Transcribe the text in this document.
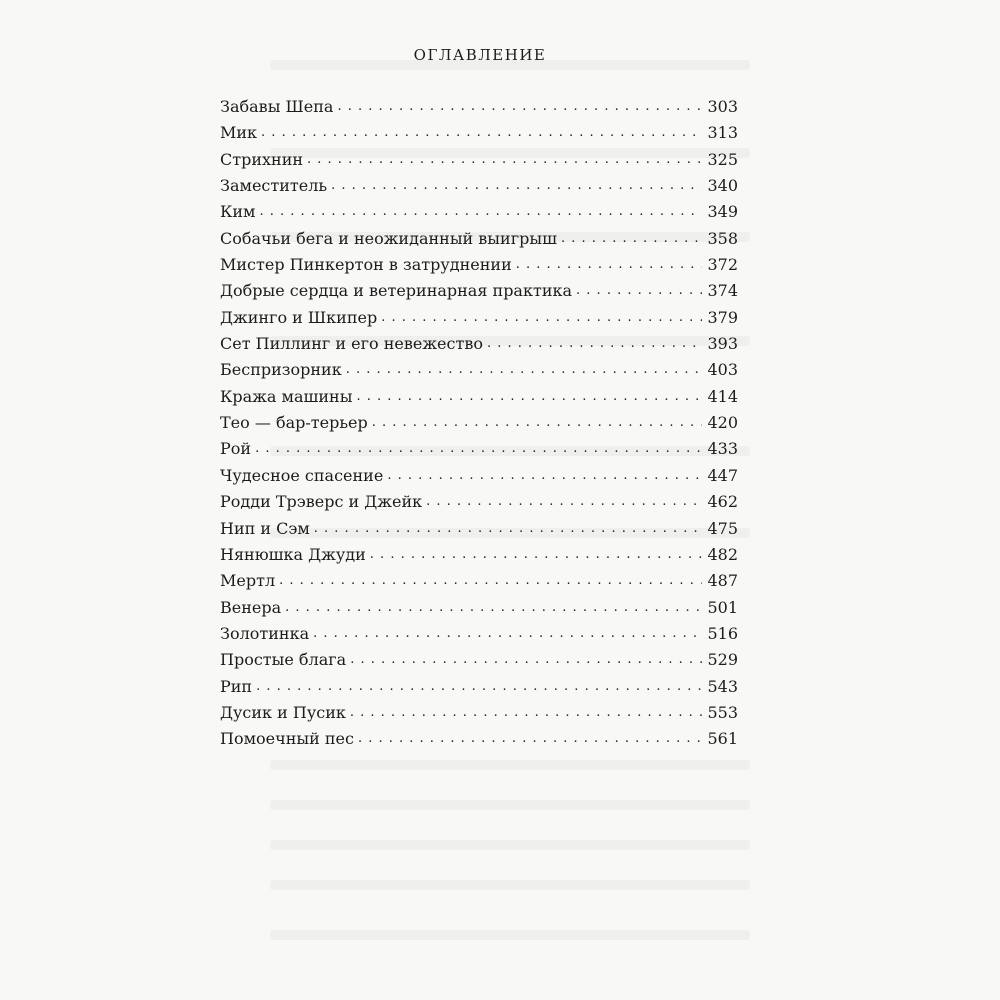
ОГЛАВЛЕНИЕ
Забавы Шепа . . .	303
Мик . . .	313
Стрихнин . . .	325
Заместитель . . .	340
Ким . . .	349
Собачьи бега и неожиданный выигрыш . . .	358
Мистер Пинкертон в затруднении . . .	372
Добрые сердца и ветеринарная практика . . .	374
Джинго и Шкипер . . .	379
Сет Пиллинг и его невежество . . .	393
Беспризорник . . .	403
Кража машины . . .	414
Тео — бар-терьер . . .	420
Рой . . .	433
Чудесное спасение . . .	447
Родди Трэверс и Джейк . . .	462
Нип и Сэм . . .	475
Нянюшка Джуди . . .	482
Мертл . . .	487
Венера . . .	501
Золотинка . . .	516
Простые блага . . .	529
Рип . . .	543
Дусик и Пусик . . .	553
Помоечный пес . . .	561
